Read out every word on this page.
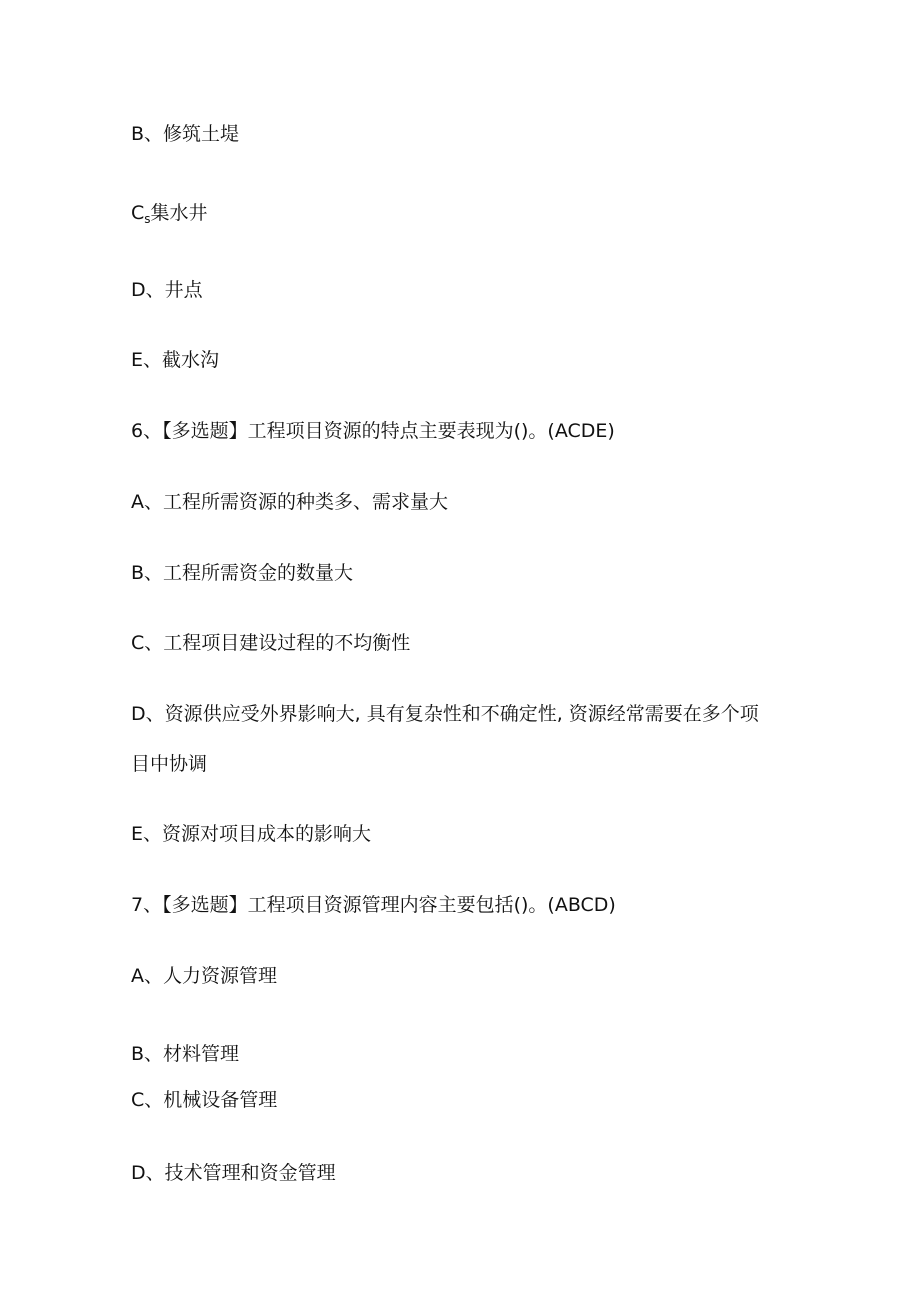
B、修筑土堤
$C_s$集水井
D、井点
E、截水沟
6、【多选题】工程项目资源的特点主要表现为()。(ACDE)
A、工程所需资源的种类多、需求量大
B、工程所需资金的数量大
C、工程项目建设过程的不均衡性
D、资源供应受外界影响大, 具有复杂性和不确定性, 资源经常需要在多个项
目中协调
E、资源对项目成本的影响大
7、【多选题】工程项目资源管理内容主要包括()。(ABCD)
A、人力资源管理
B、材料管理
C、机械设备管理
D、技术管理和资金管理
